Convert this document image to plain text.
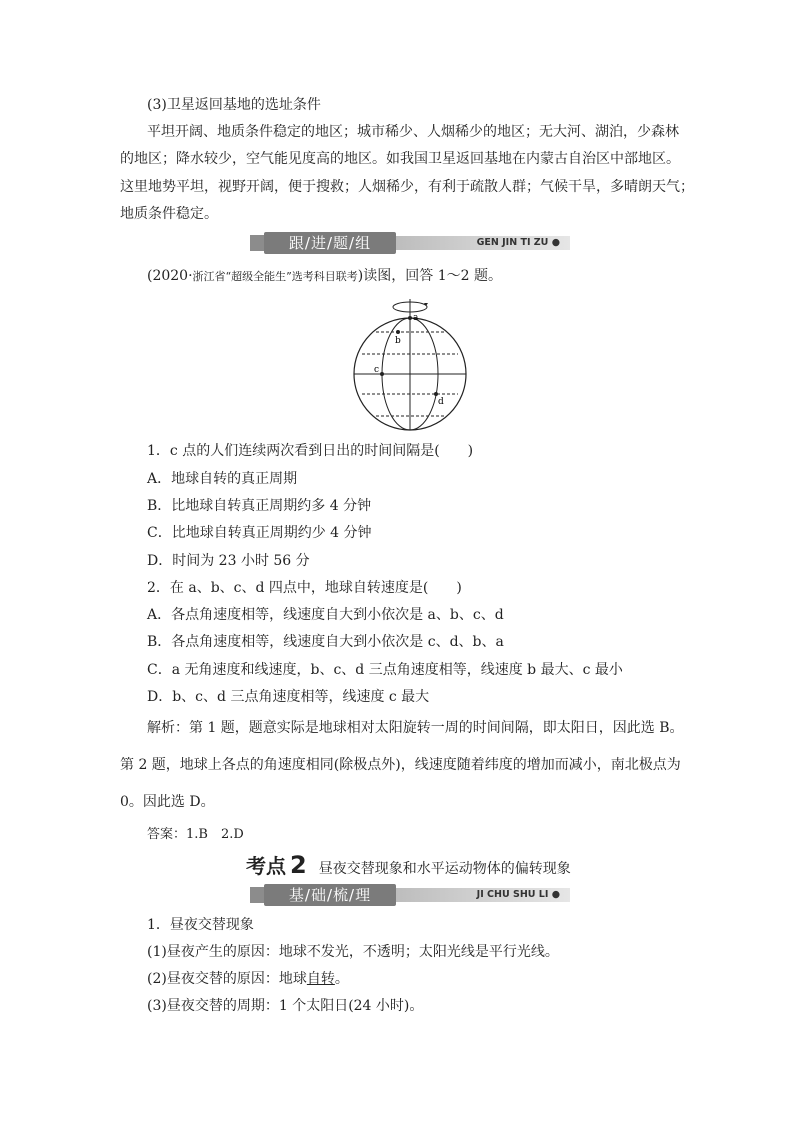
(3)卫星返回基地的选址条件
平坦开阔、地质条件稳定的地区；城市稀少、人烟稀少的地区；无大河、湖泊，少森林
的地区；降水较少，空气能见度高的地区。如我国卫星返回基地在内蒙古自治区中部地区。
这里地势平坦，视野开阔，便于搜救；人烟稀少，有利于疏散人群；气候干旱，多晴朗天气；
地质条件稳定。
跟/进/题/组	GEN JIN TI ZU ●
(2020·浙江省“超级全能生”选考科目联考)读图，回答 1～2 题。
a
b
c
d
1．c 点的人们连续两次看到日出的时间间隔是(　　)
A．地球自转的真正周期
B．比地球自转真正周期约多 4 分钟
C．比地球自转真正周期约少 4 分钟
D．时间为 23 小时 56 分
2．在 a、b、c、d 四点中，地球自转速度是(　　)
A．各点角速度相等，线速度自大到小依次是 a、b、c、d
B．各点角速度相等，线速度自大到小依次是 c、d、b、a
C．a 无角速度和线速度，b、c、d 三点角速度相等，线速度 b 最大、c 最小
D．b、c、d 三点角速度相等，线速度 c 最大
解析：第 1 题，题意实际是地球相对太阳旋转一周的时间间隔，即太阳日，因此选 B。
第 2 题，地球上各点的角速度相同(除极点外)，线速度随着纬度的增加而减小，南北极点为
0。因此选 D。
答案：1.B　2.D
考点 2 昼夜交替现象和水平运动物体的偏转现象
基/础/梳/理	JI CHU SHU LI ●
1．昼夜交替现象
(1)昼夜产生的原因：地球不发光，不透明；太阳光线是平行光线。
(2)昼夜交替的原因：地球自转。
(3)昼夜交替的周期：1 个太阳日(24 小时)。
